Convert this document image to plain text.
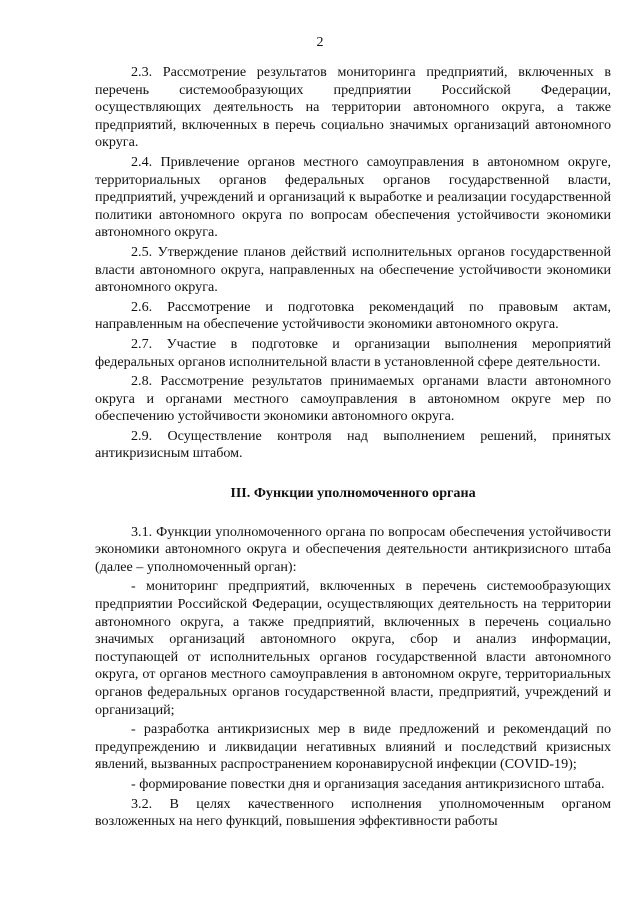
2

2.3. Рассмотрение результатов мониторинга предприятий, включенных в перечень системообразующих предприятии Российской Федерации, осуществляющих деятельность на территории автономного округа, а также предприятий, включенных в перечь социально значимых организаций автономного округа.

2.4. Привлечение органов местного самоуправления в автономном округе, территориальных органов федеральных органов государственной власти, предприятий, учреждений и организаций к выработке и реализации государственной политики автономного округа по вопросам обеспечения устойчивости экономики автономного округа.

2.5. Утверждение планов действий исполнительных органов государственной власти автономного округа, направленных на обеспечение устойчивости экономики автономного округа.

2.6. Рассмотрение и подготовка рекомендаций по правовым актам, направленным на обеспечение устойчивости экономики автономного округа.

2.7. Участие в подготовке и организации выполнения мероприятий федеральных органов исполнительной власти в установленной сфере деятельности.

2.8. Рассмотрение результатов принимаемых органами власти автономного округа и органами местного самоуправления в автономном округе мер по обеспечению устойчивости экономики автономного округа.

2.9. Осуществление контроля над выполнением решений, принятых антикризисным штабом.

III. Функции уполномоченного органа

3.1. Функции уполномоченного органа по вопросам обеспечения устойчивости экономики автономного округа и обеспечения деятельности антикризисного штаба (далее – уполномоченный орган):

- мониторинг предприятий, включенных в перечень системообразующих предприятии Российской Федерации, осуществляющих деятельность на территории автономного округа, а также предприятий, включенных в перечень социально значимых организаций автономного округа, сбор и анализ информации, поступающей от исполнительных органов государственной власти автономного округа, от органов местного самоуправления в автономном округе, территориальных органов федеральных органов государственной власти, предприятий, учреждений и организаций;

- разработка антикризисных мер в виде предложений и рекомендаций по предупреждению и ликвидации негативных влияний и последствий кризисных явлений, вызванных распространением коронавирусной инфекции (COVID-19);

- формирование повестки дня и организация заседания антикризисного штаба.

3.2. В целях качественного исполнения уполномоченным органом возложенных на него функций, повышения эффективности работы
